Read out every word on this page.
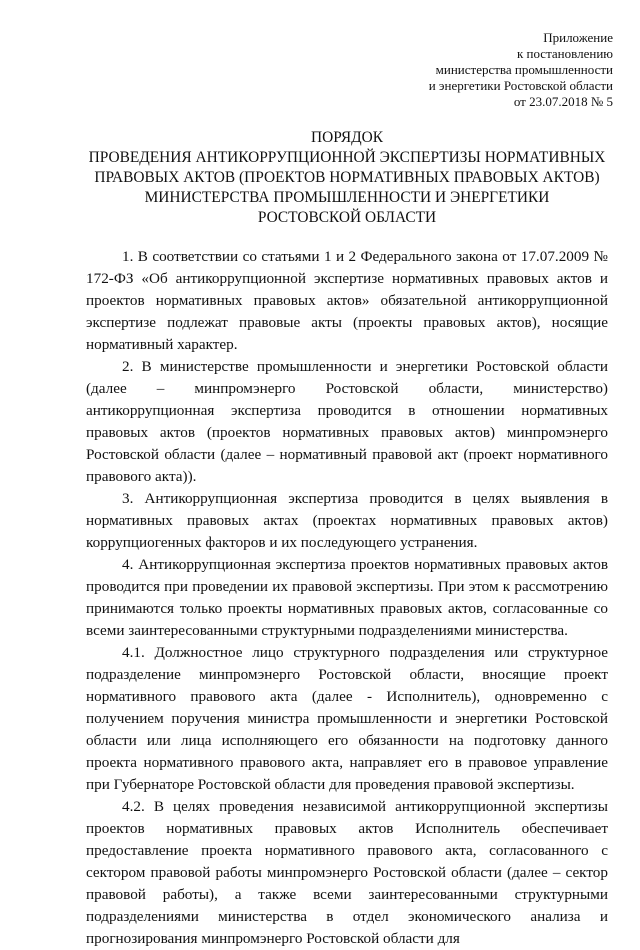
Приложение
к постановлению
министерства промышленности
и энергетики Ростовской области
от 23.07.2018 № 5
ПОРЯДОК
ПРОВЕДЕНИЯ АНТИКОРРУПЦИОННОЙ ЭКСПЕРТИЗЫ НОРМАТИВНЫХ
ПРАВОВЫХ АКТОВ (ПРОЕКТОВ НОРМАТИВНЫХ ПРАВОВЫХ АКТОВ)
МИНИСТЕРСТВА ПРОМЫШЛЕННОСТИ И ЭНЕРГЕТИКИ
РОСТОВСКОЙ ОБЛАСТИ

1. В соответствии со статьями 1 и 2 Федерального закона от 17.07.2009 № 172-ФЗ «Об антикоррупционной экспертизе нормативных правовых актов и проектов нормативных правовых актов» обязательной антикоррупционной экспертизе подлежат правовые акты (проекты правовых актов), носящие нормативный характер.

2. В министерстве промышленности и энергетики Ростовской области (далее – минпромэнерго Ростовской области, министерство) антикоррупционная экспертиза проводится в отношении нормативных правовых актов (проектов нормативных правовых актов) минпромэнерго Ростовской области (далее – нормативный правовой акт (проект нормативного правового акта)).

3. Антикоррупционная экспертиза проводится в целях выявления в нормативных правовых актах (проектах нормативных правовых актов) коррупциогенных факторов и их последующего устранения.

4. Антикоррупционная экспертиза проектов нормативных правовых актов проводится при проведении их правовой экспертизы. При этом к рассмотрению принимаются только проекты нормативных правовых актов, согласованные со всеми заинтересованными структурными подразделениями министерства.

4.1. Должностное лицо структурного подразделения или структурное подразделение минпромэнерго Ростовской области, вносящие проект нормативного правового акта (далее - Исполнитель), одновременно с получением поручения министра промышленности и энергетики Ростовской области или лица исполняющего его обязанности на подготовку данного проекта нормативного правового акта, направляет его в правовое управление при Губернаторе Ростовской области для проведения правовой экспертизы.

4.2. В целях проведения независимой антикоррупционной экспертизы проектов нормативных правовых актов Исполнитель обеспечивает предоставление проекта нормативного правового акта, согласованного с сектором правовой работы минпромэнерго Ростовской области (далее – сектор правовой работы), а также всеми заинтересованными структурными подразделениями министерства в отдел экономического анализа и прогнозирования минпромэнерго Ростовской области для
